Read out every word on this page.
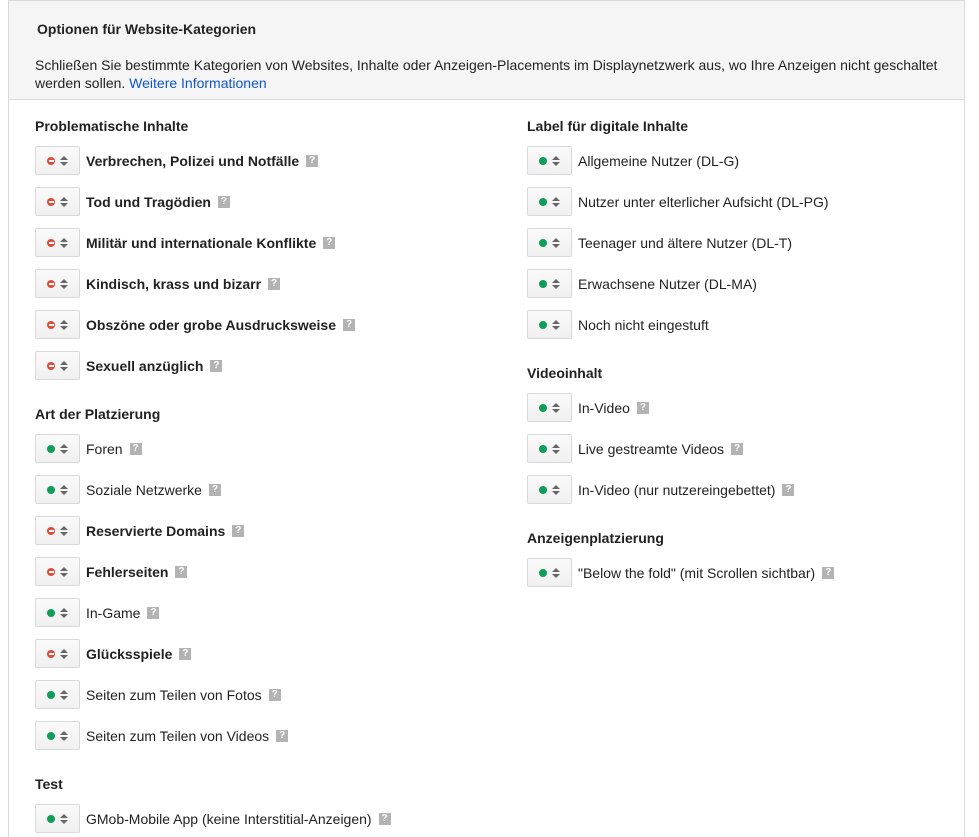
Optionen für Website-Kategorien
Schließen Sie bestimmte Kategorien von Websites, Inhalte oder Anzeigen-Placements im Displaynetzwerk aus, wo Ihre Anzeigen nicht geschaltet werden sollen. Weitere Informationen
Problematische Inhalte
Verbrechen, Polizei und Notfälle ?
Tod und Tragödien ?
Militär und internationale Konflikte ?
Kindisch, krass und bizarr ?
Obszöne oder grobe Ausdrucksweise ?
Sexuell anzüglich ?
Art der Platzierung
Foren ?
Soziale Netzwerke ?
Reservierte Domains ?
Fehlerseiten ?
In-Game ?
Glücksspiele ?
Seiten zum Teilen von Fotos ?
Seiten zum Teilen von Videos ?
Test
GMob-Mobile App (keine Interstitial-Anzeigen) ?
Label für digitale Inhalte
Allgemeine Nutzer (DL-G)
Nutzer unter elterlicher Aufsicht (DL-PG)
Teenager und ältere Nutzer (DL-T)
Erwachsene Nutzer (DL-MA)
Noch nicht eingestuft
Videoinhalt
In-Video ?
Live gestreamte Videos ?
In-Video (nur nutzereingebettet) ?
Anzeigenplatzierung
"Below the fold" (mit Scrollen sichtbar) ?
